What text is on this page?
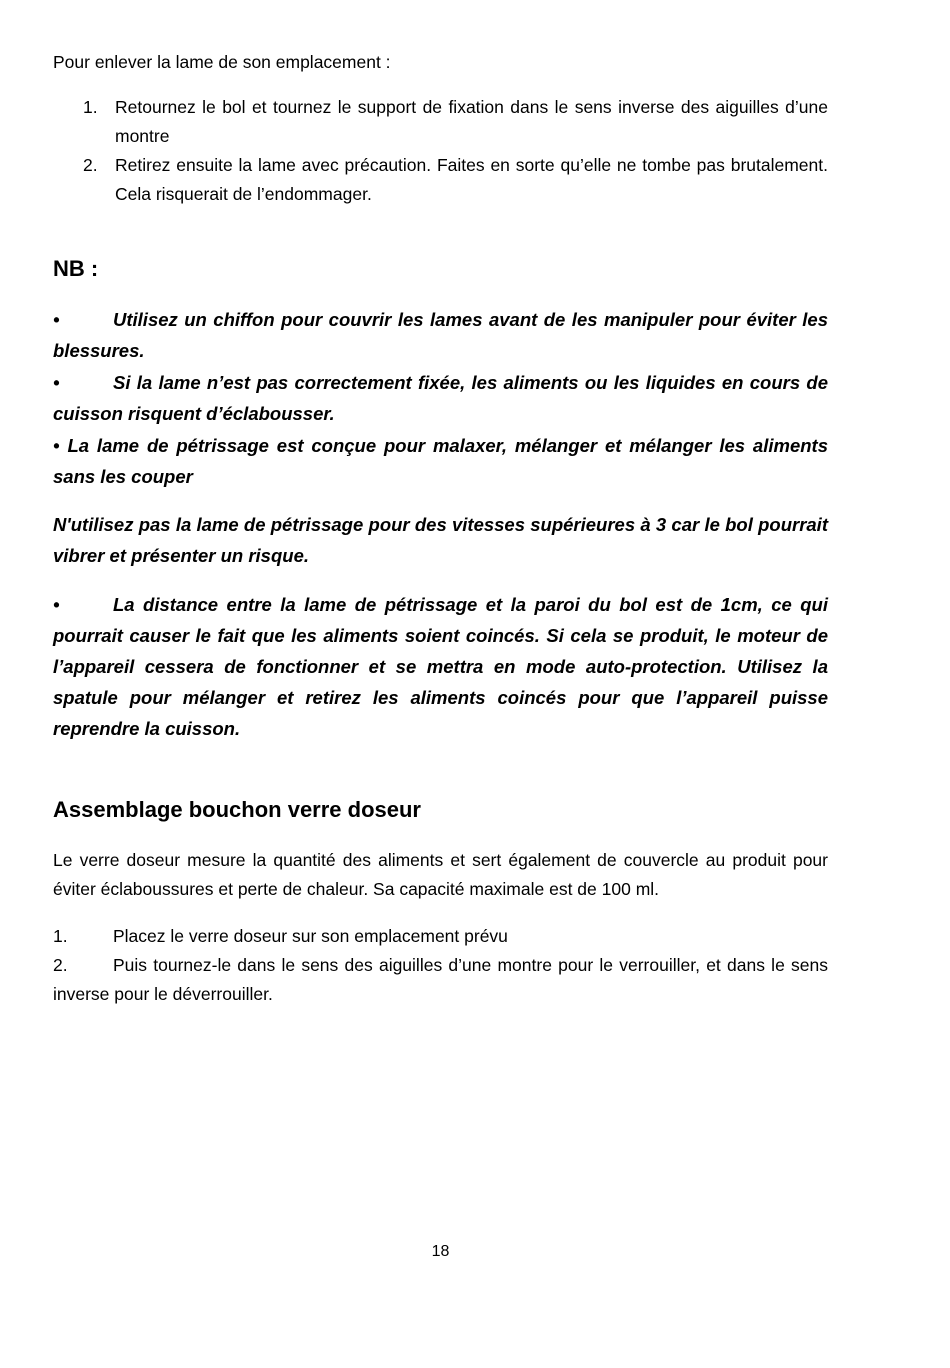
Pour enlever la lame de son emplacement :

1. Retournez le bol et tournez le support de fixation dans le sens inverse des aiguilles d’une montre
2. Retirez ensuite la lame avec précaution. Faites en sorte qu’elle ne tombe pas brutalement. Cela risquerait de l’endommager.
NB :

•	Utilisez un chiffon pour couvrir les lames avant de les manipuler pour éviter les blessures.

•	Si la lame n’est pas correctement fixée, les aliments ou les liquides en cours de cuisson risquent d’éclabousser.

• La lame de pétrissage est conçue pour malaxer, mélanger et mélanger les aliments sans les couper

N'utilisez pas la lame de pétrissage pour des vitesses supérieures à 3 car le bol pourrait vibrer et présenter un risque.

•	La distance entre la lame de pétrissage et la paroi du bol est de 1cm, ce qui pourrait causer le fait que les aliments soient coincés. Si cela se produit, le moteur de l’appareil cessera de fonctionner et se mettra en mode auto-protection. Utilisez la spatule pour mélanger et retirez les aliments coincés pour que l’appareil puisse reprendre la cuisson.

Assemblage bouchon verre doseur

Le verre doseur mesure la quantité des aliments et sert également de couvercle au produit pour éviter éclaboussures et perte de chaleur. Sa capacité maximale est de 100 ml.

1.	Placez le verre doseur sur son emplacement prévu
2.	Puis tournez-le dans le sens des aiguilles d’une montre pour le verrouiller, et dans le sens inverse pour le déverrouiller.
18
